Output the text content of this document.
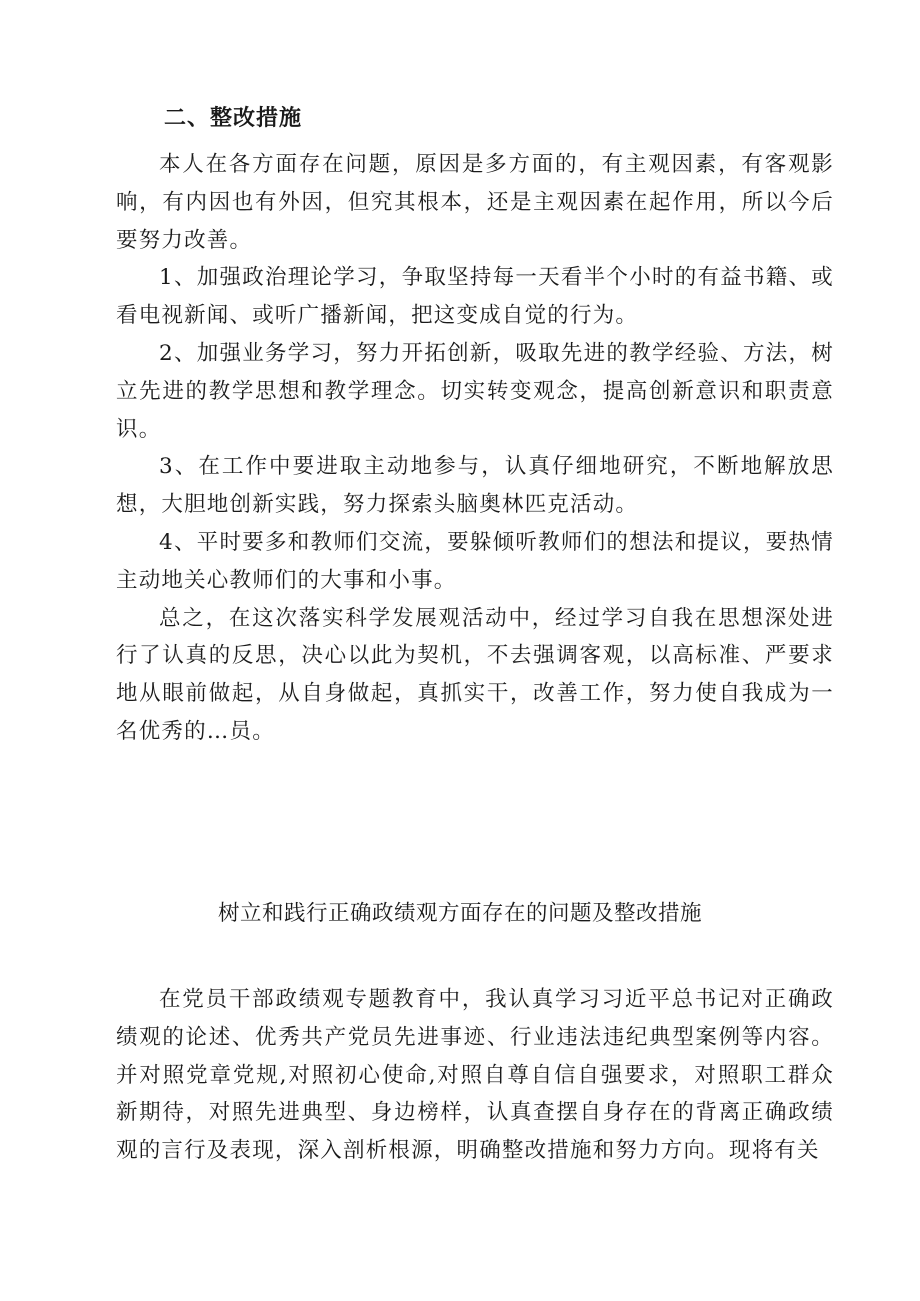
二、整改措施

本人在各方面存在问题，原因是多方面的，有主观因素，有客观影响，有内因也有外因，但究其根本，还是主观因素在起作用，所以今后要努力改善。

1、加强政治理论学习，争取坚持每一天看半个小时的有益书籍、或看电视新闻、或听广播新闻，把这变成自觉的行为。

2、加强业务学习，努力开拓创新，吸取先进的教学经验、方法，树立先进的教学思想和教学理念。切实转变观念，提高创新意识和职责意识。

3、在工作中要进取主动地参与，认真仔细地研究，不断地解放思想，大胆地创新实践，努力探索头脑奥林匹克活动。

4、平时要多和教师们交流，要躲倾听教师们的想法和提议，要热情主动地关心教师们的大事和小事。

总之，在这次落实科学发展观活动中，经过学习自我在思想深处进行了认真的反思，决心以此为契机，不去强调客观，以高标准、严要求地从眼前做起，从自身做起，真抓实干，改善工作，努力使自我成为一名优秀的…员。

树立和践行正确政绩观方面存在的问题及整改措施

在党员干部政绩观专题教育中，我认真学习习近平总书记对正确政绩观的论述、优秀共产党员先进事迹、行业违法违纪典型案例等内容。并对照党章党规,对照初心使命,对照自尊自信自强要求，对照职工群众新期待，对照先进典型、身边榜样，认真查摆自身存在的背离正确政绩观的言行及表现，深入剖析根源，明确整改措施和努力方向。现将有关
